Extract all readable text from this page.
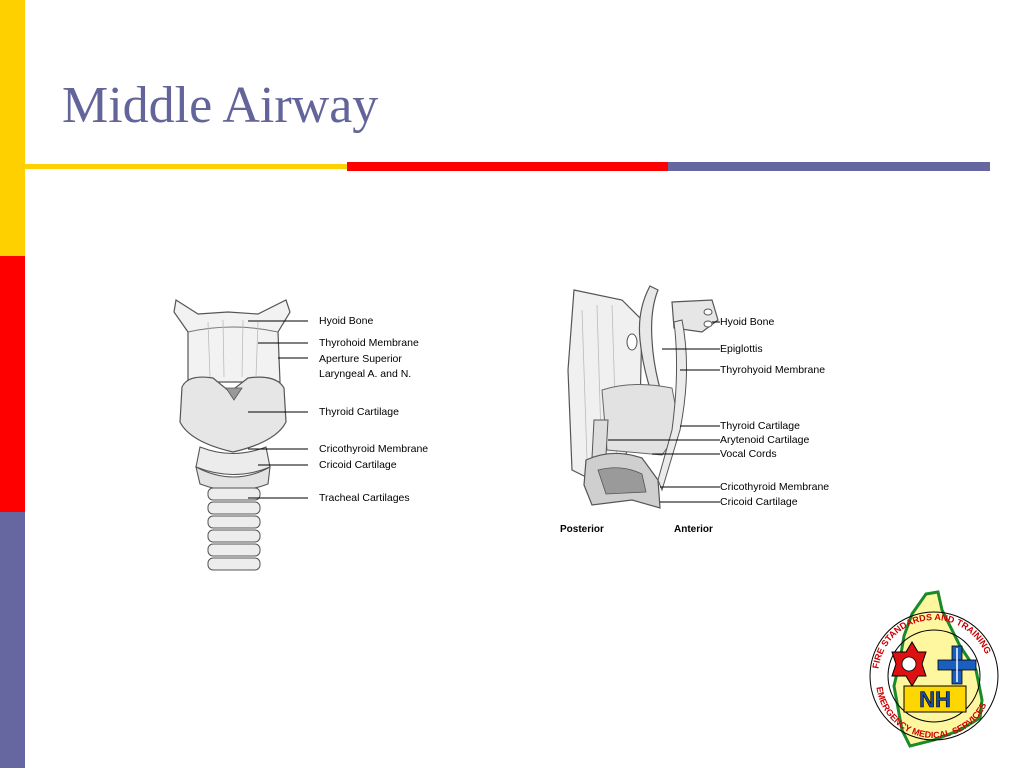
Middle Airway
Hyoid Bone
Thyrohoid Membrane
Aperture Superior
Laryngeal A. and N.
Thyroid Cartilage
Cricothyroid Membrane
Cricoid Cartilage
Tracheal Cartilages
Hyoid Bone
Epiglottis
Thyrohyoid Membrane
Thyroid Cartilage
Arytenoid Cartilage
Vocal Cords
Cricothyroid Membrane
Cricoid Cartilage
Posterior	Anterior
FIRE STANDARDS AND TRAINING
EMERGENCY MEDICAL SERVICES
NH
